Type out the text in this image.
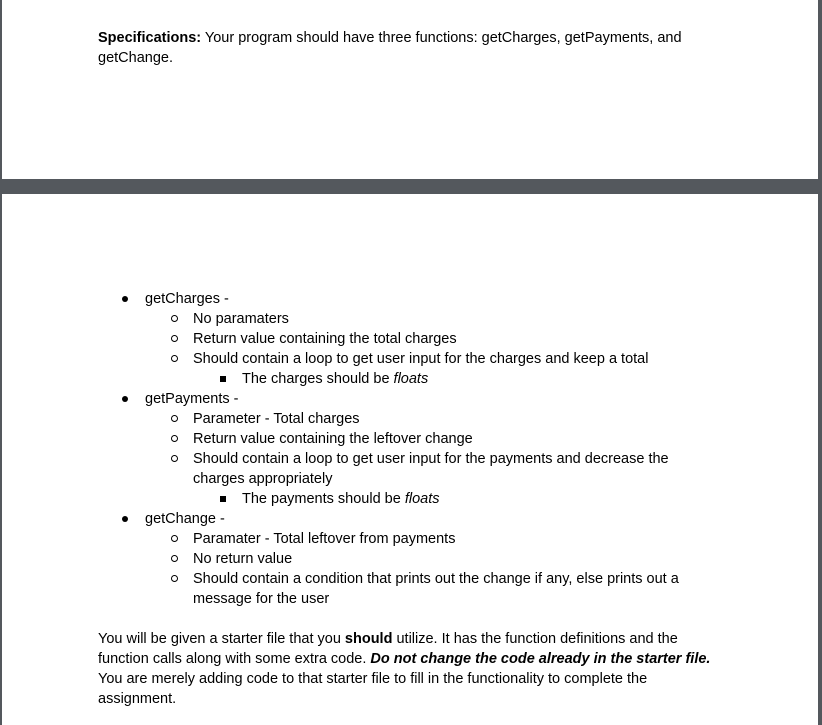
Specifications: Your program should have three functions: getCharges, getPayments, and
getChange.
getCharges -
No paramaters
Return value containing the total charges
Should contain a loop to get user input for the charges and keep a total
The charges should be floats
getPayments -
Parameter - Total charges
Return value containing the leftover change
Should contain a loop to get user input for the payments and decrease the
charges appropriately
The payments should be floats
getChange -
Paramater - Total leftover from payments
No return value
Should contain a condition that prints out the change if any, else prints out a
message for the user
You will be given a starter file that you should utilize. It has the function definitions and the
function calls along with some extra code. Do not change the code already in the starter file.
You are merely adding code to that starter file to fill in the functionality to complete the
assignment.
